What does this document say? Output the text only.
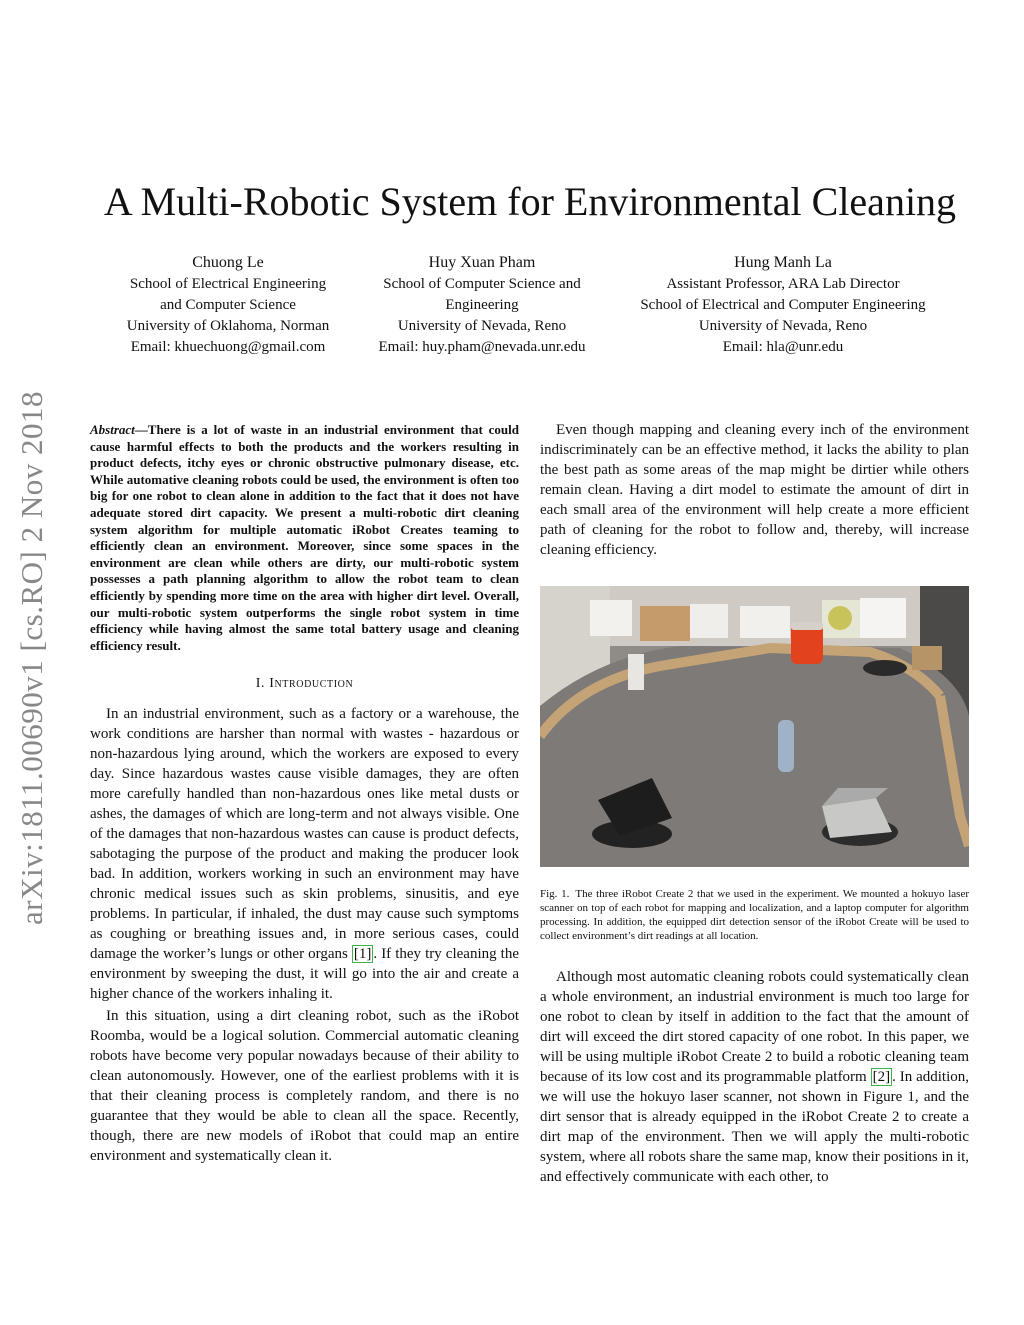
arXiv:1811.00690v1 [cs.RO] 2 Nov 2018
A Multi-Robotic System for Environmental Cleaning
Chuong Le
School of Electrical Engineering
and Computer Science
University of Oklahoma, Norman
Email: khuechuong@gmail.com
Huy Xuan Pham
School of Computer Science and
Engineering
University of Nevada, Reno
Email: huy.pham@nevada.unr.edu
Hung Manh La
Assistant Professor, ARA Lab Director
School of Electrical and Computer Engineering
University of Nevada, Reno
Email: hla@unr.edu

Abstract—There is a lot of waste in an industrial environment that could cause harmful effects to both the products and the workers resulting in product defects, itchy eyes or chronic obstructive pulmonary disease, etc. While automative cleaning robots could be used, the environment is often too big for one robot to clean alone in addition to the fact that it does not have adequate stored dirt capacity. We present a multi-robotic dirt cleaning system algorithm for multiple automatic iRobot Creates teaming to efficiently clean an environment. Moreover, since some spaces in the environment are clean while others are dirty, our multi-robotic system possesses a path planning algorithm to allow the robot team to clean efficiently by spending more time on the area with higher dirt level. Overall, our multi-robotic system outperforms the single robot system in time efficiency while having almost the same total battery usage and cleaning efficiency result.

I. Introduction

In an industrial environment, such as a factory or a warehouse, the work conditions are harsher than normal with wastes - hazardous or non-hazardous lying around, which the workers are exposed to every day. Since hazardous wastes cause visible damages, they are often more carefully handled than non-hazardous ones like metal dusts or ashes, the damages of which are long-term and not always visible. One of the damages that non-hazardous wastes can cause is product defects, sabotaging the purpose of the product and making the producer look bad. In addition, workers working in such an environment may have chronic medical issues such as skin problems, sinusitis, and eye problems. In particular, if inhaled, the dust may cause such symptoms as coughing or breathing issues and, in more serious cases, could damage the worker’s lungs or other organs [1] . If they try cleaning the environment by sweeping the dust, it will go into the air and create a higher chance of the workers inhaling it.

In this situation, using a dirt cleaning robot, such as the iRobot Roomba, would be a logical solution. Commercial automatic cleaning robots have become very popular nowadays because of their ability to clean autonomously. However, one of the earliest problems with it is that their cleaning process is completely random, and there is no guarantee that they would be able to clean all the space. Recently, though, there are new models of iRobot that could map an entire environment and systematically clean it.

Even though mapping and cleaning every inch of the environment indiscriminately can be an effective method, it lacks the ability to plan the best path as some areas of the map might be dirtier while others remain clean. Having a dirt model to estimate the amount of dirt in each small area of the environment will help create a more efficient path of cleaning for the robot to follow and, thereby, will increase cleaning efficiency.

Fig. 1. The three iRobot Create 2 that we used in the experiment. We mounted a hokuyo laser scanner on top of each robot for mapping and localization, and a laptop computer for algorithm processing. In addition, the equipped dirt detection sensor of the iRobot Create will be used to collect environment’s dirt readings at all location.

Although most automatic cleaning robots could systematically clean a whole environment, an industrial environment is much too large for one robot to clean by itself in addition to the fact that the amount of dirt will exceed the dirt stored capacity of one robot. In this paper, we will be using multiple iRobot Create 2 to build a robotic cleaning team because of its low cost and its programmable platform [2] . In addition, we will use the hokuyo laser scanner, not shown in Figure 1, and the dirt sensor that is already equipped in the iRobot Create 2 to create a dirt map of the environment. Then we will apply the multi-robotic system, where all robots share the same map, know their positions in it, and effectively communicate with each other, to
